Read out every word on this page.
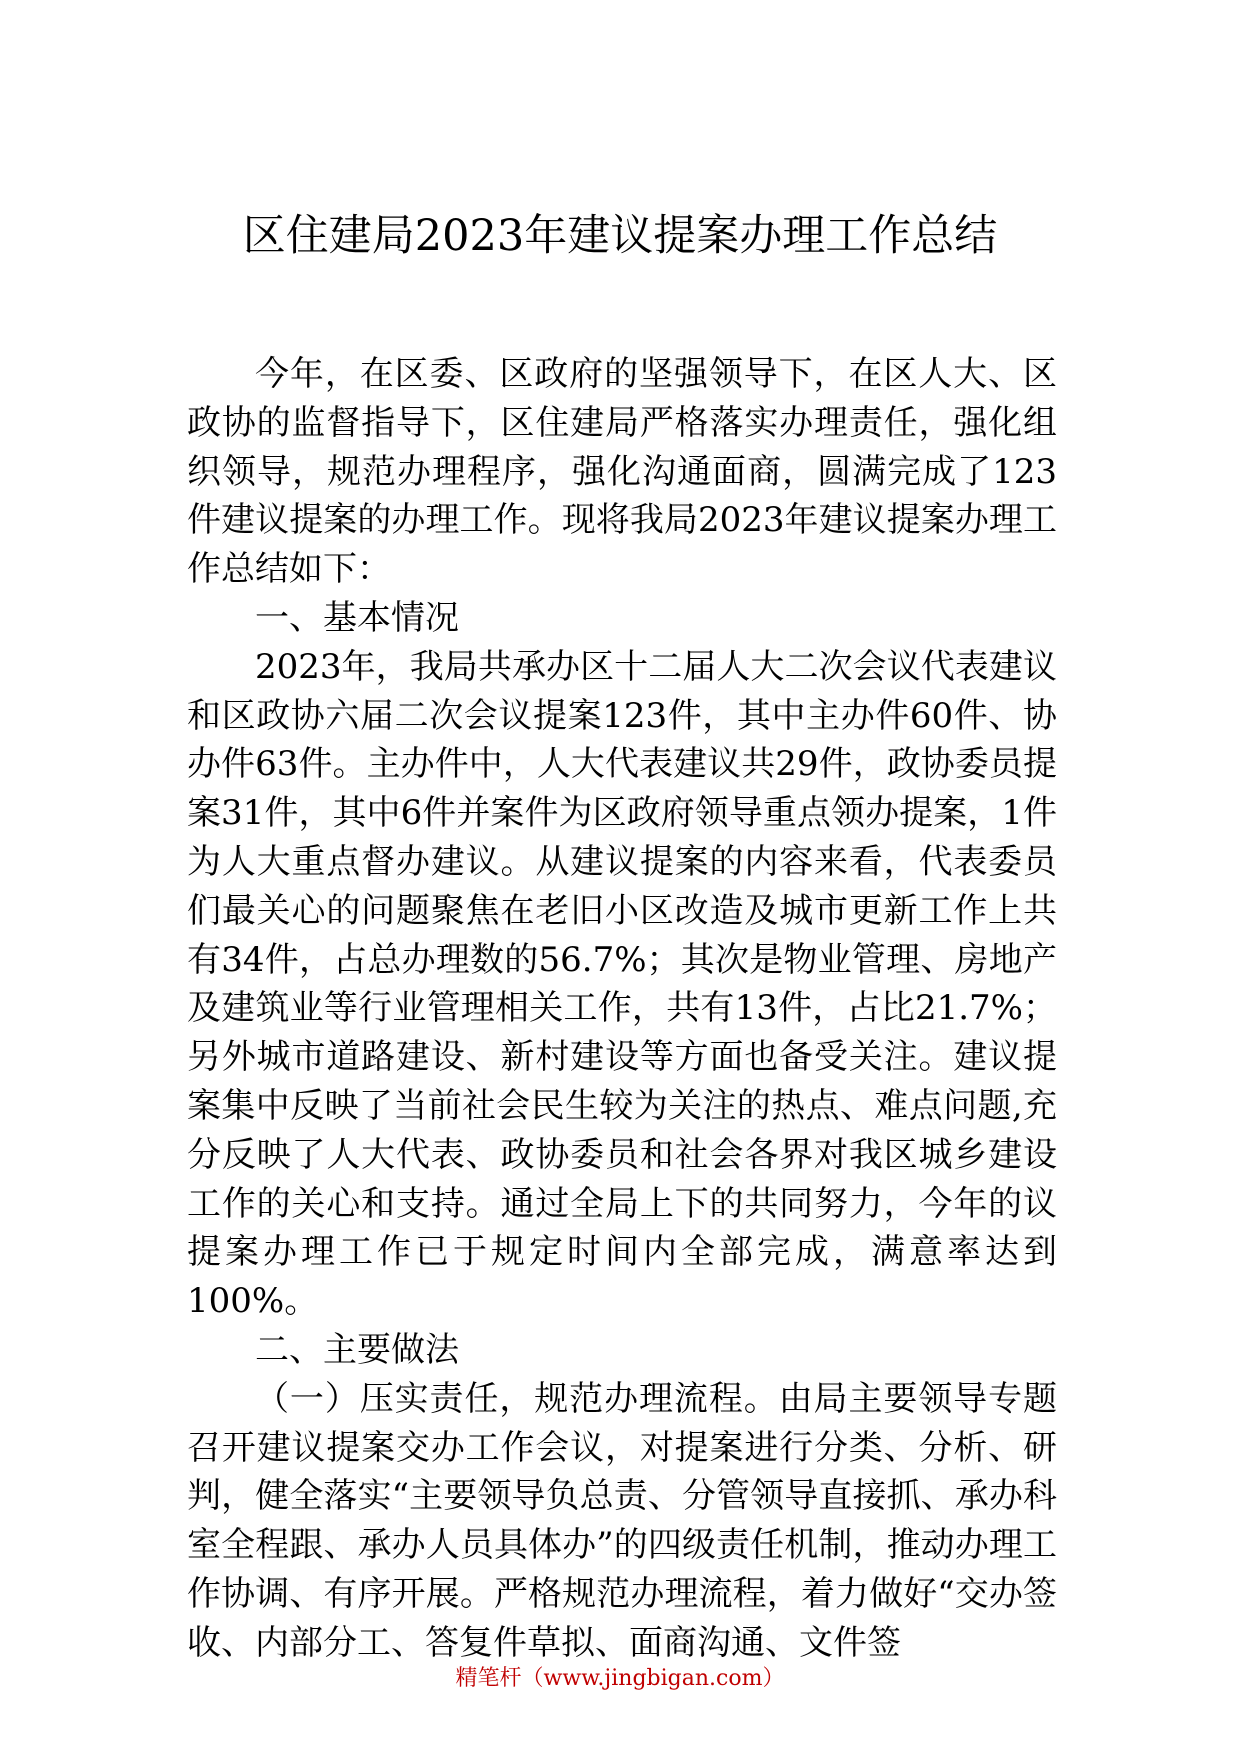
区住建局2023年建议提案办理工作总结

今年，在区委、区政府的坚强领导下，在区人大、区政协的监督指导下，区住建局严格落实办理责任，强化组织领导，规范办理程序，强化沟通面商，圆满完成了123件建议提案的办理工作。现将我局2023年建议提案办理工作总结如下：

一、基本情况

2023年，我局共承办区十二届人大二次会议代表建议和区政协六届二次会议提案123件，其中主办件60件、协办件63件。主办件中，人大代表建议共29件，政协委员提案31件，其中6件并案件为区政府领导重点领办提案，1件为人大重点督办建议。从建议提案的内容来看，代表委员们最关心的问题聚焦在老旧小区改造及城市更新工作上共有34件，占总办理数的56.7%；其次是物业管理、房地产及建筑业等行业管理相关工作，共有13件，占比21.7%；另外城市道路建设、新村建设等方面也备受关注。建议提案集中反映了当前社会民生较为关注的热点、难点问题,充分反映了人大代表、政协委员和社会各界对我区城乡建设工作的关心和支持。通过全局上下的共同努力，今年的议提案办理工作已于规定时间内全部完成，满意率达到100%。

二、主要做法

（一）压实责任，规范办理流程。由局主要领导专题召开建议提案交办工作会议，对提案进行分类、分析、研判，健全落实“主要领导负总责、分管领导直接抓、承办科室全程跟、承办人员具体办”的四级责任机制，推动办理工作协调、有序开展。严格规范办理流程，着力做好“交办签收、内部分工、答复件草拟、面商沟通、文件签

精笔杆（www.jingbigan.com）
